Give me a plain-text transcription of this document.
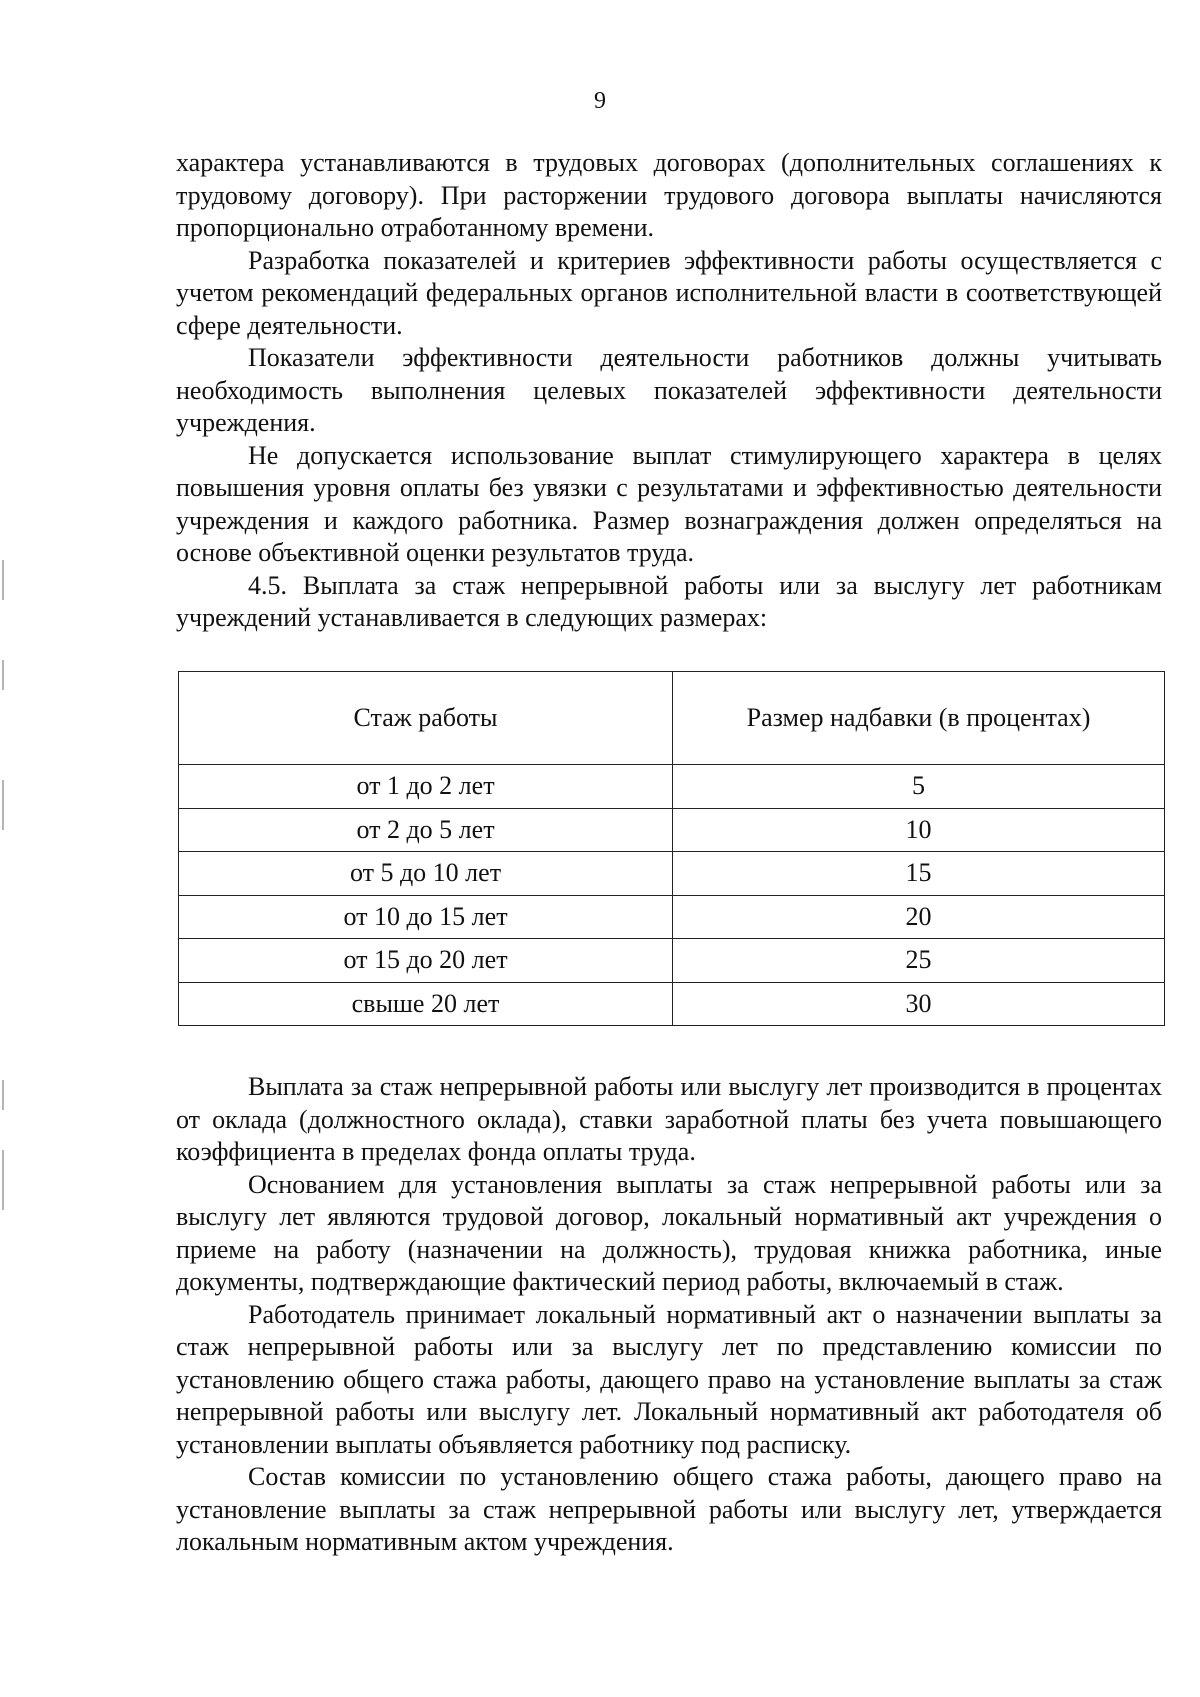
9

характера устанавливаются в трудовых договорах (дополнительных соглашениях к трудовому договору). При расторжении трудового договора выплаты начисляются пропорционально отработанному времени.

Разработка показателей и критериев эффективности работы осуществляется с учетом рекомендаций федеральных органов исполнительной власти в соответствующей сфере деятельности.

Показатели эффективности деятельности работников должны учитывать необходимость выполнения целевых показателей эффективности деятельности учреждения.

Не допускается использование выплат стимулирующего характера в целях повышения уровня оплаты без увязки с результатами и эффективностью деятельности учреждения и каждого работника. Размер вознаграждения должен определяться на основе объективной оценки результатов труда.

4.5. Выплата за стаж непрерывной работы или за выслугу лет работникам учреждений устанавливается в следующих размерах:

Стаж работы	Размер надбавки (в процентах)
от 1 до 2 лет	5
от 2 до 5 лет	10
от 5 до 10 лет	15
от 10 до 15 лет	20
от 15 до 20 лет	25
свыше 20 лет	30

Выплата за стаж непрерывной работы или выслугу лет производится в процентах от оклада (должностного оклада), ставки заработной платы без учета повышающего коэффициента в пределах фонда оплаты труда.

Основанием для установления выплаты за стаж непрерывной работы или за выслугу лет являются трудовой договор, локальный нормативный акт учреждения о приеме на работу (назначении на должность), трудовая книжка работника, иные документы, подтверждающие фактический период работы, включаемый в стаж.

Работодатель принимает локальный нормативный акт о назначении выплаты за стаж непрерывной работы или за выслугу лет по представлению комиссии по установлению общего стажа работы, дающего право на установление выплаты за стаж непрерывной работы или выслугу лет. Локальный нормативный акт работодателя об установлении выплаты объявляется работнику под расписку.

Состав комиссии по установлению общего стажа работы, дающего право на установление выплаты за стаж непрерывной работы или выслугу лет, утверждается локальным нормативным актом учреждения.
